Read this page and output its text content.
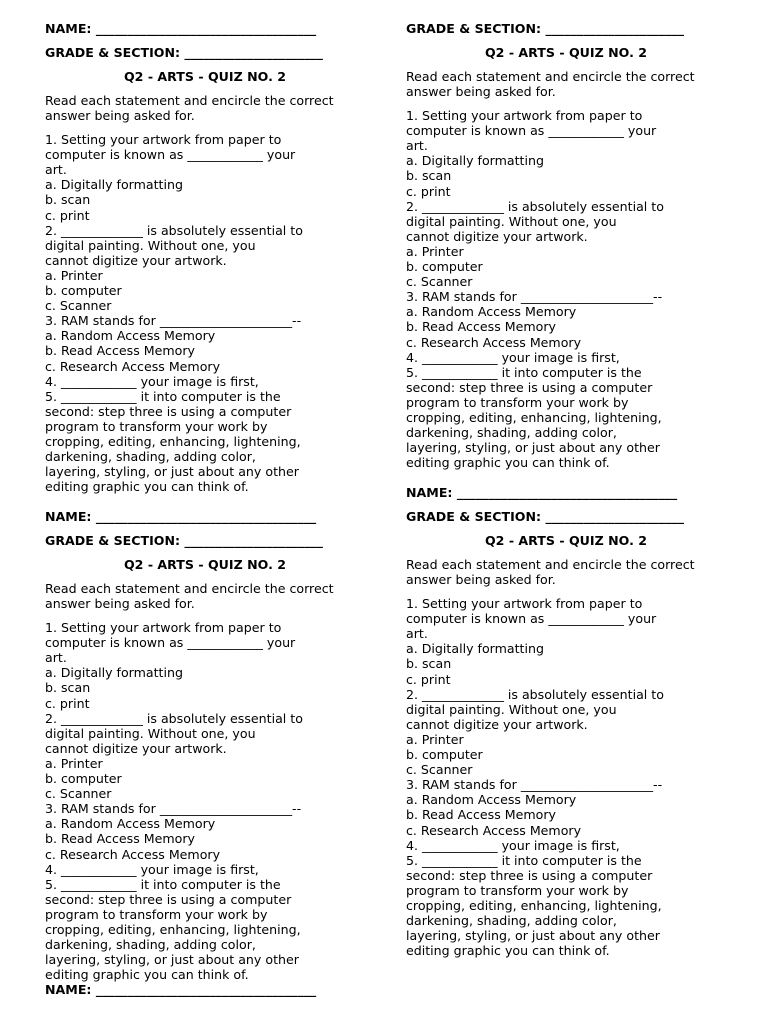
NAME: ___________________________________
GRADE & SECTION: ______________________
Q2 - ARTS - QUIZ NO. 2
Read each statement and encircle the correct
answer being asked for.
1. Setting your artwork from paper to
computer is known as ____________ your
art.
a. Digitally formatting
b. scan
c. print
2. _____________ is absolutely essential to
digital painting. Without one, you
cannot digitize your artwork.
a. Printer
b. computer
c. Scanner
3. RAM stands for _____________________--
a. Random Access Memory
b. Read Access Memory
c. Research Access Memory
4. ____________ your image is first,
5. ____________ it into computer is the
second: step three is using a computer
program to transform your work by
cropping, editing, enhancing, lightening,
darkening, shading, adding color,
layering, styling, or just about any other
editing graphic you can think of.
GRADE & SECTION: ______________________
Q2 - ARTS - QUIZ NO. 2
Read each statement and encircle the correct
answer being asked for.
1. Setting your artwork from paper to
computer is known as ____________ your
art.
a. Digitally formatting
b. scan
c. print
2. _____________ is absolutely essential to
digital painting. Without one, you
cannot digitize your artwork.
a. Printer
b. computer
c. Scanner
3. RAM stands for _____________________--
a. Random Access Memory
b. Read Access Memory
c. Research Access Memory
4. ____________ your image is first,
5. ____________ it into computer is the
second: step three is using a computer
program to transform your work by
cropping, editing, enhancing, lightening,
darkening, shading, adding color,
layering, styling, or just about any other
editing graphic you can think of.
NAME: ___________________________________
NAME: ___________________________________
GRADE & SECTION: ______________________
Q2 - ARTS - QUIZ NO. 2
Read each statement and encircle the correct
answer being asked for.
1. Setting your artwork from paper to
computer is known as ____________ your
art.
a. Digitally formatting
b. scan
c. print
2. _____________ is absolutely essential to
digital painting. Without one, you
cannot digitize your artwork.
a. Printer
b. computer
c. Scanner
3. RAM stands for _____________________--
a. Random Access Memory
b. Read Access Memory
c. Research Access Memory
4. ____________ your image is first,
5. ____________ it into computer is the
second: step three is using a computer
program to transform your work by
cropping, editing, enhancing, lightening,
darkening, shading, adding color,
layering, styling, or just about any other
editing graphic you can think of.
NAME: ___________________________________
GRADE & SECTION: ______________________
Q2 - ARTS - QUIZ NO. 2
Read each statement and encircle the correct
answer being asked for.
1. Setting your artwork from paper to
computer is known as ____________ your
art.
a. Digitally formatting
b. scan
c. print
2. _____________ is absolutely essential to
digital painting. Without one, you
cannot digitize your artwork.
a. Printer
b. computer
c. Scanner
3. RAM stands for _____________________--
a. Random Access Memory
b. Read Access Memory
c. Research Access Memory
4. ____________ your image is first,
5. ____________ it into computer is the
second: step three is using a computer
program to transform your work by
cropping, editing, enhancing, lightening,
darkening, shading, adding color,
layering, styling, or just about any other
editing graphic you can think of.
